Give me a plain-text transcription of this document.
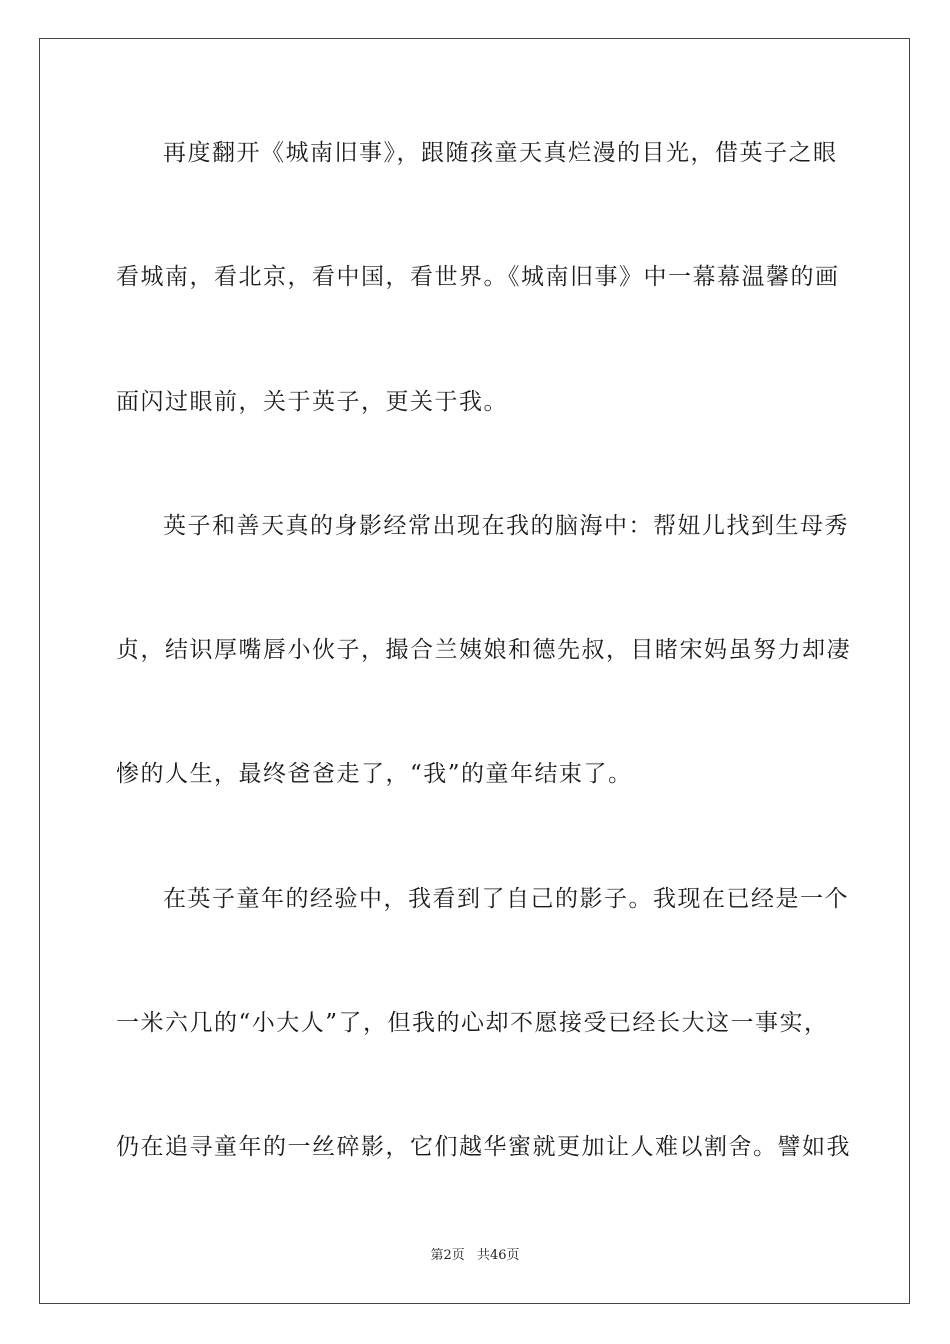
再度翻开《城南旧事》，跟随孩童天真烂漫的目光，借英子之眼
看城南，看北京，看中国，看世界。《城南旧事》中一幕幕温馨的画
面闪过眼前，关于英子，更关于我。
英子和善天真的身影经常出现在我的脑海中：帮妞儿找到生母秀
贞，结识厚嘴唇小伙子，撮合兰姨娘和德先叔，目睹宋妈虽努力却凄
惨的人生，最终爸爸走了，“我”的童年结束了。
在英子童年的经验中，我看到了自己的影子。我现在已经是一个
一米六几的“小大人”了，但我的心却不愿接受已经长大这一事实，
仍在追寻童年的一丝碎影，它们越华蜜就更加让人难以割舍。譬如我
第2页 共46页
